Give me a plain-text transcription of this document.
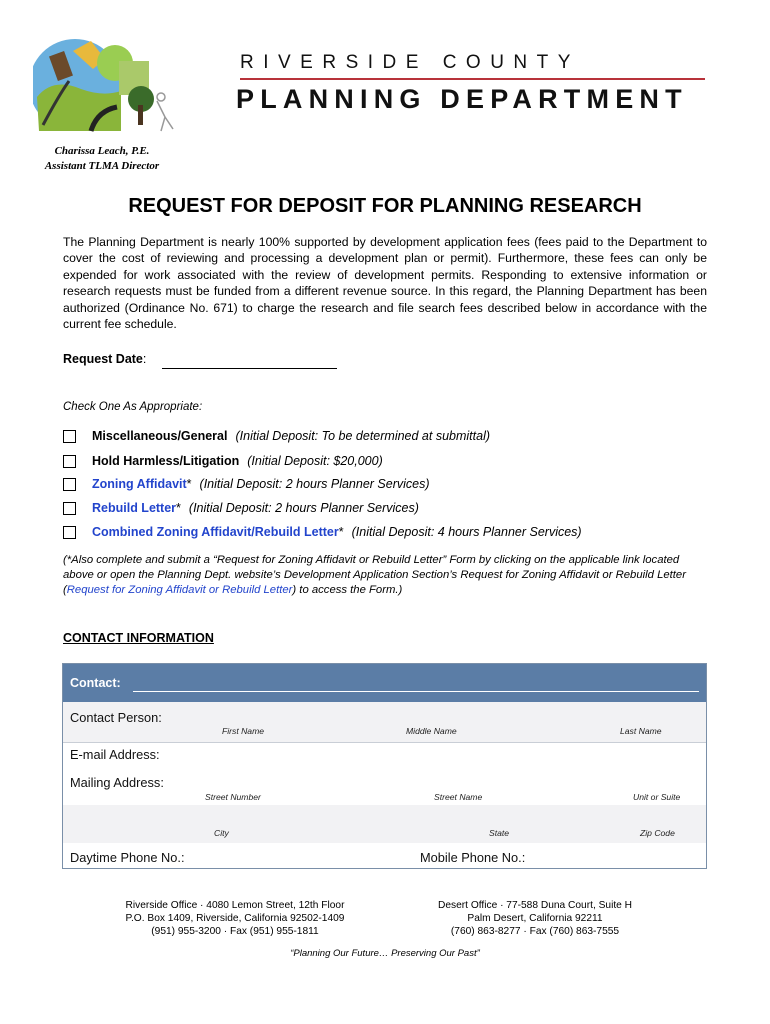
RIVERSIDE COUNTY
PLANNING DEPARTMENT
Charissa Leach, P.E.
Assistant TLMA Director
REQUEST FOR DEPOSIT FOR PLANNING RESEARCH
The Planning Department is nearly 100% supported by development application fees (fees paid to the Department to cover the cost of reviewing and processing a development plan or permit). Furthermore, these fees can only be expended for work associated with the review of development permits. Responding to extensive information or research requests must be funded from a different revenue source. In this regard, the Planning Department has been authorized (Ordinance No. 671) to charge the research and file search fees described below in accordance with the current fee schedule.
Request Date:
Check One As Appropriate:
Miscellaneous/General (Initial Deposit: To be determined at submittal)
Hold Harmless/Litigation (Initial Deposit: $20,000)
Zoning Affidavit * (Initial Deposit: 2 hours Planner Services)
Rebuild Letter * (Initial Deposit: 2 hours Planner Services)
Combined Zoning Affidavit/Rebuild Letter * (Initial Deposit: 4 hours Planner Services)
(*Also complete and submit a “Request for Zoning Affidavit or Rebuild Letter” Form by clicking on the applicable link located above or open the Planning Dept. website’s Development Application Section’s Request for Zoning Affidavit or Rebuild Letter (Request for Zoning Affidavit or Rebuild Letter) to access the Form.)
CONTACT INFORMATION
Contact:
Contact Person:
First Name	Middle Name	Last Name
E-mail Address:
Mailing Address:
Street Number	Street Name	Unit or Suite
City	State	Zip Code
Daytime Phone No.:	Mobile Phone No.:
Riverside Office · 4080 Lemon Street, 12th Floor
P.O. Box 1409, Riverside, California 92502-1409
(951) 955-3200 · Fax (951) 955-1811
Desert Office · 77-588 Duna Court, Suite H
Palm Desert, California 92211
(760) 863-8277 · Fax (760) 863-7555
“Planning Our Future… Preserving Our Past”
